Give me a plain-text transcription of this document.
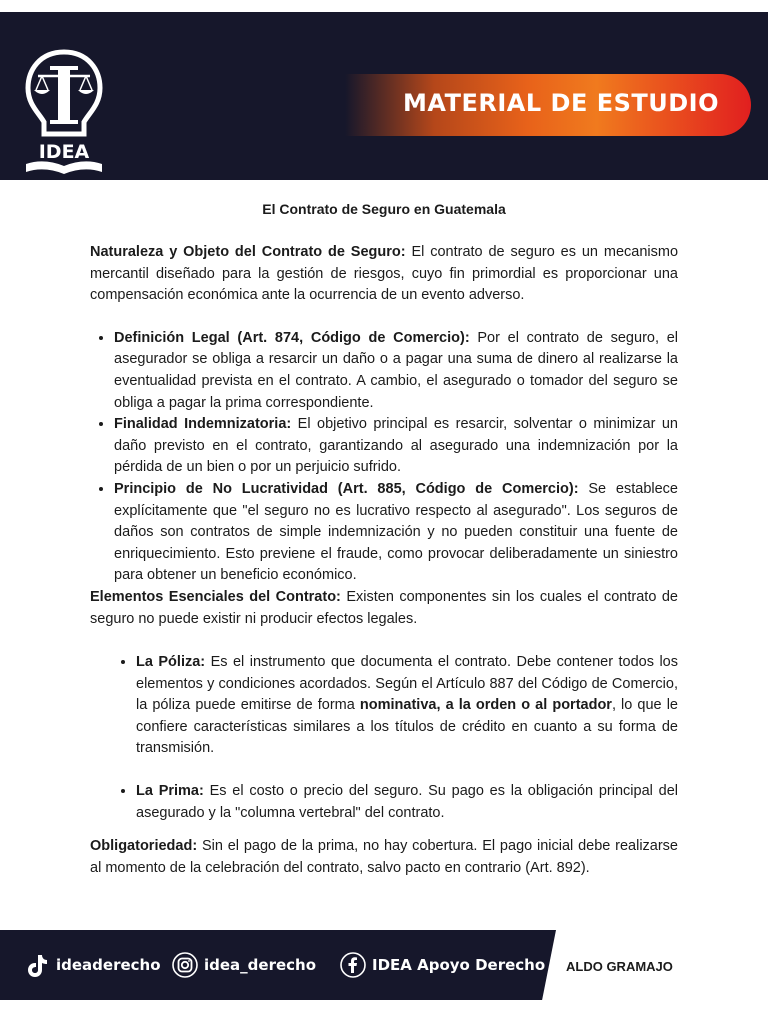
IDEA
MATERIAL DE ESTUDIO
El Contrato de Seguro en Guatemala

Naturaleza y Objeto del Contrato de Seguro: El contrato de seguro es un mecanismo mercantil diseñado para la gestión de riesgos, cuyo fin primordial es proporcionar una compensación económica ante la ocurrencia de un evento adverso.

• Definición Legal (Art. 874, Código de Comercio): Por el contrato de seguro, el asegurador se obliga a resarcir un daño o a pagar una suma de dinero al realizarse la eventualidad prevista en el contrato. A cambio, el asegurado o tomador del seguro se obliga a pagar la prima correspondiente.
• Finalidad Indemnizatoria: El objetivo principal es resarcir, solventar o minimizar un daño previsto en el contrato, garantizando al asegurado una indemnización por la pérdida de un bien o por un perjuicio sufrido.
• Principio de No Lucratividad (Art. 885, Código de Comercio): Se establece explícitamente que "el seguro no es lucrativo respecto al asegurado". Los seguros de daños son contratos de simple indemnización y no pueden constituir una fuente de enriquecimiento. Esto previene el fraude, como provocar deliberadamente un siniestro para obtener un beneficio económico.

Elementos Esenciales del Contrato: Existen componentes sin los cuales el contrato de seguro no puede existir ni producir efectos legales.

• La Póliza: Es el instrumento que documenta el contrato. Debe contener todos los elementos y condiciones acordados. Según el Artículo 887 del Código de Comercio, la póliza puede emitirse de forma nominativa, a la orden o al portador, lo que le confiere características similares a los títulos de crédito en cuanto a su forma de transmisión.
• La Prima: Es el costo o precio del seguro. Su pago es la obligación principal del asegurado y la "columna vertebral" del contrato.

Obligatoriedad: Sin el pago de la prima, no hay cobertura. El pago inicial debe realizarse al momento de la celebración del contrato, salvo pacto en contrario (Art. 892).

ideaderecho	idea_derecho	IDEA Apoyo Derecho ALDO GRAMAJO
